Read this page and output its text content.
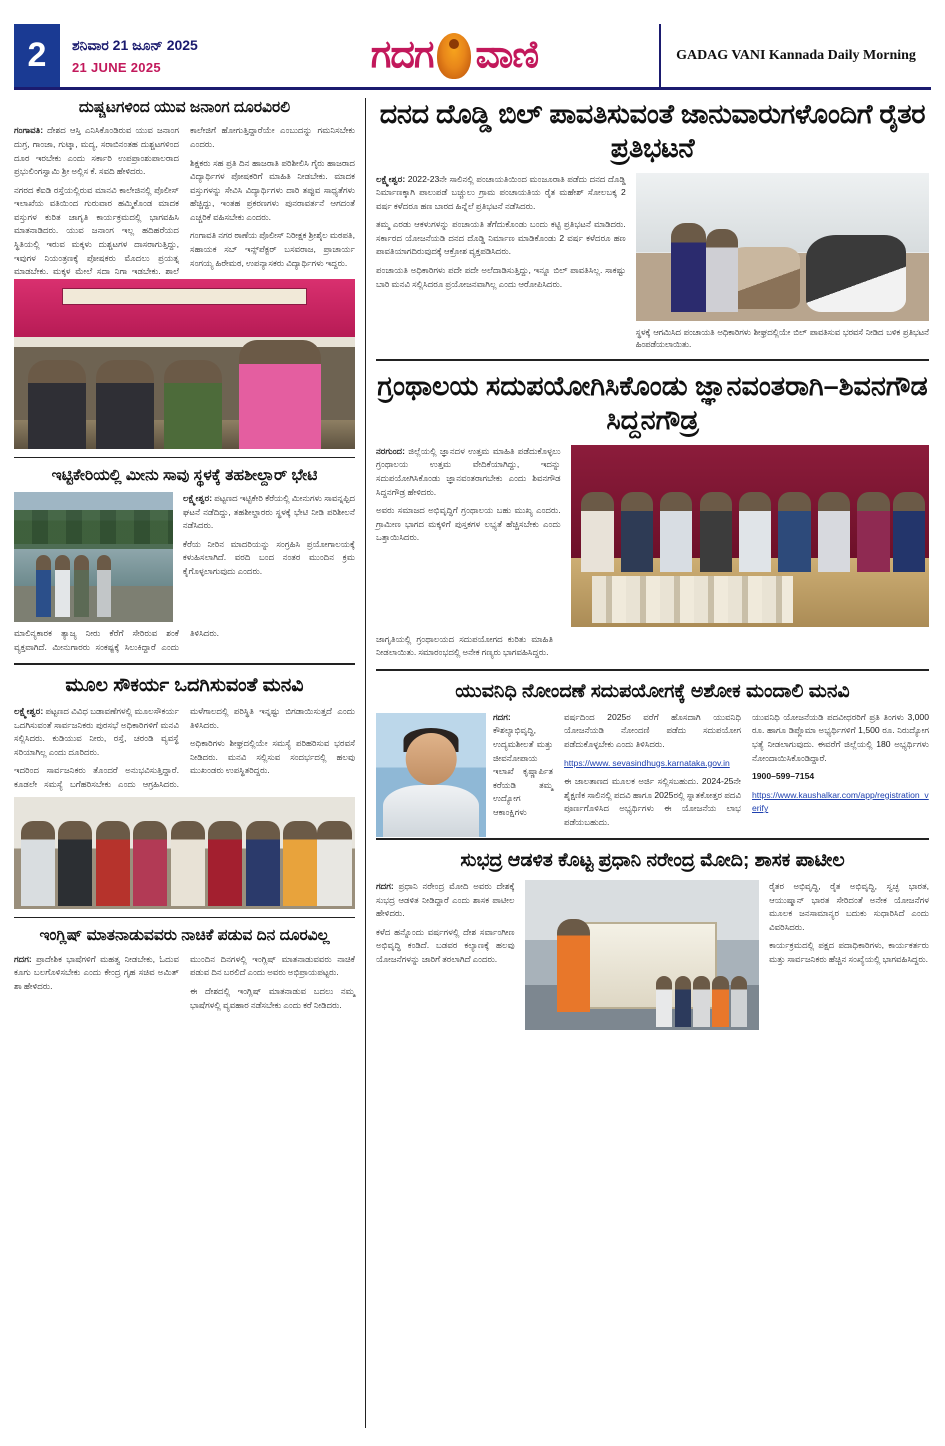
2	ಶನಿವಾರ 21 ಜೂನ್ 2025
21 JUNE 2025	ಗದಗ ವಾಣಿ	GADAG VANI Kannada Daily Morning
ದುಷ್ಚಟಗಳಿಂದ ಯುವ ಜನಾಂಗ ದೂರವಿರಲಿ

ಗಂಗಾವತಿ: ದೇಶದ ಆಸ್ತಿ ಎನಿಸಿಕೊಂಡಿರುವ ಯುವ ಜನಾಂಗ ದುಗ್ರ, ಗಾಂಜಾ, ಗುಟ್ಕಾ, ಮದ್ಯ, ಸರಾಬಿನಂತಹ ದುಶ್ಚಟಗಳಿಂದ ದೂರ ಇರಬೇಕು ಎಂದು ಸರ್ಕಾರಿ ಉಪಪ್ರಾಂಶುಪಾಲರಾದ ಪ್ರಭುಲಿಂಗಸ್ವಾಮಿ ಶ್ರೀ ಅಲ್ಲಿಸ ಕೆ. ಸವದಿ ಹೇಳಿದರು.

ನಗರದ ಕೆಐಡಿ ರಸ್ತೆಯಲ್ಲಿರುವ ಮಾನವಿ ಕಾಲೇಜಿನಲ್ಲಿ ಪೊಲೀಸ್ ಇಲಾಖೆಯ ವತಿಯಿಂದ ಗುರುವಾರ ಹಮ್ಮಿಕೊಂಡ ಮಾದಕ ವಸ್ತುಗಳ ಕುರಿತ ಜಾಗೃತಿ ಕಾರ್ಯಕ್ರಮದಲ್ಲಿ ಭಾಗವಹಿಸಿ ಮಾತನಾಡಿದರು. ಯುವ ಜನಾಂಗ ಇಲ್ಲ ಹದಿಹರೆಯದ ಸ್ಥಿತಿಯಲ್ಲಿ ಇರುವ ಮಕ್ಕಳು ದುಶ್ಚಟಗಳ ದಾಸರಾಗುತ್ತಿದ್ದು, ಇವುಗಳ ನಿಯಂತ್ರಣಕ್ಕೆ ಪೋಷಕರು ಮೊದಲು ಪ್ರಯತ್ನ ಮಾಡಬೇಕು. ಮಕ್ಕಳ ಮೇಲೆ ಸದಾ ನಿಗಾ ಇಡಬೇಕು. ಶಾಲೆ ಕಾಲೇಜಿಗೆ ಹೋಗುತ್ತಿದ್ದಾರೆಯೇ ಎಂಬುದನ್ನು ಗಮನಿಸಬೇಕು ಎಂದರು.

ಶಿಕ್ಷಕರು ಸಹ ಪ್ರತಿ ದಿನ ಹಾಜರಾತಿ ಪರಿಶೀಲಿಸಿ ಗೈರು ಹಾಜರಾದ ವಿದ್ಯಾರ್ಥಿಗಳ ಪೋಷಕರಿಗೆ ಮಾಹಿತಿ ನೀಡಬೇಕು. ಮಾದಕ ವಸ್ತುಗಳನ್ನು ಸೇವಿಸಿ ವಿದ್ಯಾರ್ಥಿಗಳು ದಾರಿ ತಪ್ಪುವ ಸಾಧ್ಯತೆಗಳು ಹೆಚ್ಚಿದ್ದು, ಇಂತಹ ಪ್ರಕರಣಗಳು ಪುನರಾವರ್ತನೆ ಆಗದಂತೆ ಎಚ್ಚರಿಕೆ ವಹಿಸಬೇಕು ಎಂದರು.

ಗಂಗಾವತಿ ನಗರ ಠಾಣೆಯ ಪೊಲೀಸ್ ನಿರೀಕ್ಷಕ ಶ್ರೀಶೈಲ ಮಠಪತಿ, ಸಹಾಯಕ ಸಬ್ ಇನ್ಸ್‌ಪೆಕ್ಟರ್ ಬಸವರಾಜ, ಪ್ರಾಚಾರ್ಯ ಸಂಗಯ್ಯ ಹಿರೇಮಠ, ಉಪನ್ಯಾಸಕರು ವಿದ್ಯಾರ್ಥಿಗಳು ಇದ್ದರು.

ಇಟ್ಟಿಕೇರಿಯಲ್ಲಿ ಮೀನು ಸಾವು ಸ್ಥಳಕ್ಕೆ ತಹಶೀಲ್ದಾರ್ ಭೇಟಿ

ಲಕ್ಷ್ಮೇಶ್ವರ: ಪಟ್ಟಣದ ಇಟ್ಟಿಕೇರಿ ಕೆರೆಯಲ್ಲಿ ಮೀನುಗಳು ಸಾವನ್ನಪ್ಪಿದ ಘಟನೆ ನಡೆದಿದ್ದು, ತಹಶೀಲ್ದಾರರು ಸ್ಥಳಕ್ಕೆ ಭೇಟಿ ನೀಡಿ ಪರಿಶೀಲನೆ ನಡೆಸಿದರು.

ಕೆರೆಯ ನೀರಿನ ಮಾದರಿಯನ್ನು ಸಂಗ್ರಹಿಸಿ ಪ್ರಯೋಗಾಲಯಕ್ಕೆ ಕಳುಹಿಸಲಾಗಿದೆ. ವರದಿ ಬಂದ ನಂತರ ಮುಂದಿನ ಕ್ರಮ ಕೈಗೊಳ್ಳಲಾಗುವುದು ಎಂದರು.

ಮಾಲಿನ್ಯಕಾರಕ ತ್ಯಾಜ್ಯ ನೀರು ಕೆರೆಗೆ ಸೇರಿರುವ ಶಂಕೆ ವ್ಯಕ್ತವಾಗಿದೆ. ಮೀನುಗಾರರು ಸಂಕಷ್ಟಕ್ಕೆ ಸಿಲುಕಿದ್ದಾರೆ ಎಂದು ತಿಳಿಸಿದರು.

ಮೂಲ ಸೌಕರ್ಯ ಒದಗಿಸುವಂತೆ ಮನವಿ

ಲಕ್ಷ್ಮೇಶ್ವರ: ಪಟ್ಟಣದ ವಿವಿಧ ಬಡಾವಣೆಗಳಲ್ಲಿ ಮೂಲಸೌಕರ್ಯ ಒದಗಿಸುವಂತೆ ಸಾರ್ವಜನಿಕರು ಪುರಸಭೆ ಅಧಿಕಾರಿಗಳಿಗೆ ಮನವಿ ಸಲ್ಲಿಸಿದರು. ಕುಡಿಯುವ ನೀರು, ರಸ್ತೆ, ಚರಂಡಿ ವ್ಯವಸ್ಥೆ ಸರಿಯಾಗಿಲ್ಲ ಎಂದು ದೂರಿದರು.

ಇದರಿಂದ ಸಾರ್ವಜನಿಕರು ತೊಂದರೆ ಅನುಭವಿಸುತ್ತಿದ್ದಾರೆ. ಕೂಡಲೇ ಸಮಸ್ಯೆ ಬಗೆಹರಿಸಬೇಕು ಎಂದು ಆಗ್ರಹಿಸಿದರು. ಮಳೆಗಾಲದಲ್ಲಿ ಪರಿಸ್ಥಿತಿ ಇನ್ನಷ್ಟು ಬಿಗಡಾಯಿಸುತ್ತದೆ ಎಂದು ತಿಳಿಸಿದರು.

ಅಧಿಕಾರಿಗಳು ಶೀಘ್ರದಲ್ಲಿಯೇ ಸಮಸ್ಯೆ ಪರಿಹರಿಸುವ ಭರವಸೆ ನೀಡಿದರು. ಮನವಿ ಸಲ್ಲಿಸುವ ಸಂದರ್ಭದಲ್ಲಿ ಹಲವು ಮುಖಂಡರು ಉಪಸ್ಥಿತರಿದ್ದರು.

ಇಂಗ್ಲಿಷ್ ಮಾತನಾಡುವವರು ನಾಚಿಕೆ ಪಡುವ ದಿನ ದೂರವಿಲ್ಲ

ಗದಗ: ಪ್ರಾದೇಶಿಕ ಭಾಷೆಗಳಿಗೆ ಮಹತ್ವ ನೀಡಬೇಕು, ಓದುವ ಕೂಗು ಬಲಗೊಳಿಸಬೇಕು ಎಂದು ಕೇಂದ್ರ ಗೃಹ ಸಚಿವ ಅಮಿತ್ ಶಾ ಹೇಳಿದರು.

ಮುಂದಿನ ದಿನಗಳಲ್ಲಿ ಇಂಗ್ಲಿಷ್ ಮಾತನಾಡುವವರು ನಾಚಿಕೆ ಪಡುವ ದಿನ ಬರಲಿದೆ ಎಂದು ಅವರು ಅಭಿಪ್ರಾಯಪಟ್ಟರು.

ಈ ದೇಶದಲ್ಲಿ ಇಂಗ್ಲಿಷ್ ಮಾತನಾಡುವ ಬದಲು ನಮ್ಮ ಭಾಷೆಗಳಲ್ಲಿ ವ್ಯವಹಾರ ನಡೆಸಬೇಕು ಎಂದು ಕರೆ ನೀಡಿದರು.

ದನದ ದೊಡ್ಡಿ ಬಿಲ್ ಪಾವತಿಸುವಂತೆ ಜಾನುವಾರುಗಳೊಂದಿಗೆ ರೈತರ ಪ್ರತಿಭಟನೆ

ಲಕ್ಷ್ಮೇಶ್ವರ: 2022-23ನೇ ಸಾಲಿನಲ್ಲಿ ಪಂಚಾಯತಿಯಿಂದ ಮಂಜೂರಾತಿ ಪಡೆದು ದನದ ದೊಡ್ಡಿ ನಿರ್ಮಾಣಕ್ಕಾಗಿ ಪಾಲುಪಡೆ ಬಚ್ಚುಲು ಗ್ರಾಮ ಪಂಚಾಯತಿಯ ರೈತ ಮಹೇಶ್ ಸೋಲಬಕ್ಕ 2 ವರ್ಷ ಕಳೆದರೂ ಹಣ ಬಾರದ ಹಿನ್ನೆಲೆ ಪ್ರತಿಭಟನೆ ನಡೆಸಿದರು.

ತಮ್ಮ ಎರಡು ಆಕಳುಗಳನ್ನು ಪಂಚಾಯತಿ ತೆಗೆದುಕೊಂಡು ಬಂದು ಕಟ್ಟಿ ಪ್ರತಿಭಟನೆ ಮಾಡಿದರು. ಸರ್ಕಾರದ ಯೋಜನೆಯಡಿ ದನದ ದೊಡ್ಡಿ ನಿರ್ಮಾಣ ಮಾಡಿಕೊಂಡು 2 ವರ್ಷ ಕಳೆದರೂ ಹಣ ಪಾವತಿಯಾಗದಿರುವುದಕ್ಕೆ ಆಕ್ರೋಶ ವ್ಯಕ್ತಪಡಿಸಿದರು.

ಪಂಚಾಯತಿ ಅಧಿಕಾರಿಗಳು ಪದೇ ಪದೇ ಅಲೆದಾಡಿಸುತ್ತಿದ್ದು, ಇನ್ನೂ ಬಿಲ್ ಪಾವತಿಸಿಲ್ಲ. ಸಾಕಷ್ಟು ಬಾರಿ ಮನವಿ ಸಲ್ಲಿಸಿದರೂ ಪ್ರಯೋಜನವಾಗಿಲ್ಲ ಎಂದು ಆರೋಪಿಸಿದರು.

ಸ್ಥಳಕ್ಕೆ ಆಗಮಿಸಿದ ಪಂಚಾಯತಿ ಅಧಿಕಾರಿಗಳು ಶೀಘ್ರದಲ್ಲಿಯೇ ಬಿಲ್ ಪಾವತಿಸುವ ಭರವಸೆ ನೀಡಿದ ಬಳಿಕ ಪ್ರತಿಭಟನೆ ಹಿಂಪಡೆಯಲಾಯಿತು.
ಗ್ರಂಥಾಲಯ ಸದುಪಯೋಗಿಸಿಕೊಂಡು ಜ್ಞಾನವಂತರಾಗಿ–ಶಿವನಗೌಡ ಸಿದ್ದನಗೌಡ್ರ

ನರಗುಂದ: ಜಿಲ್ಲೆಯಲ್ಲಿ ಜ್ಞಾನದಳ ಉತ್ತಮ ಮಾಹಿತಿ ಪಡೆದುಕೊಳ್ಳಲು ಗ್ರಂಥಾಲಯ ಉತ್ತಮ ವೇದಿಕೆಯಾಗಿದ್ದು, ಇದನ್ನು ಸದುಪಯೋಗಿಸಿಕೊಂಡು ಜ್ಞಾನವಂತರಾಗಬೇಕು ಎಂದು ಶಿವನಗೌಡ ಸಿದ್ದನಗೌಡ್ರ ಹೇಳಿದರು.

ಅವರು ಸಮಾಜದ ಅಭಿವೃದ್ಧಿಗೆ ಗ್ರಂಥಾಲಯ ಬಹು ಮುಖ್ಯ ಎಂದರು. ಗ್ರಾಮೀಣ ಭಾಗದ ಮಕ್ಕಳಿಗೆ ಪುಸ್ತಕಗಳ ಲಭ್ಯತೆ ಹೆಚ್ಚಿಸಬೇಕು ಎಂದು ಒತ್ತಾಯಿಸಿದರು.

ಜಾಗೃತಿಯಲ್ಲಿ ಗ್ರಂಥಾಲಯದ ಸದುಪಯೋಗದ ಕುರಿತು ಮಾಹಿತಿ ನೀಡಲಾಯಿತು. ಸಮಾರಂಭದಲ್ಲಿ ಅನೇಕ ಗಣ್ಯರು ಭಾಗವಹಿಸಿದ್ದರು.

ಯುವನಿಧಿ ನೋಂದಣೆ ಸದುಪಯೋಗಕ್ಕೆ ಅಶೋಕ ಮಂದಾಲಿ ಮನವಿ

ಗದಗ: ಕೌಶಲ್ಯಾಭಿವೃದ್ಧಿ, ಉದ್ಯಮಶೀಲತೆ ಮತ್ತು ಜೀವನೋಪಾಯ ಇಲಾಖೆ ಕೃಷ್ಣಾರ್ಪಿತ ಕರೆಯಡಿ ತಮ್ಮ ಉದ್ಯೋಗ ಆಕಾಂಕ್ಷಿಗಳು ವರ್ಷದಿಂದ 2025ರ ವರೆಗೆ ಹೊಸದಾಗಿ ಯುವನಿಧಿ ಯೋಜನೆಯಡಿ ನೋಂದಣಿ ಪಡೆದು ಸದುಪಯೋಗ ಪಡೆದುಕೊಳ್ಳಬೇಕು ಎಂದು ತಿಳಿಸಿದರು.

https://www. sevasindhugs.karnataka.gov.in

ಈ ಜಾಲತಾಣದ ಮೂಲಕ ಅರ್ಜಿ ಸಲ್ಲಿಸಬಹುದು. 2024-25ನೇ ಶೈಕ್ಷಣಿಕ ಸಾಲಿನಲ್ಲಿ ಪದವಿ ಹಾಗೂ 2025ರಲ್ಲಿ ಸ್ನಾತಕೋತ್ತರ ಪದವಿ ಪೂರ್ಣಗೊಳಿಸಿದ ಅಭ್ಯರ್ಥಿಗಳು ಈ ಯೋಜನೆಯ ಲಾಭ ಪಡೆಯಬಹುದು.

ಯುವನಿಧಿ ಯೋಜನೆಯಡಿ ಪದವೀಧರರಿಗೆ ಪ್ರತಿ ತಿಂಗಳು 3,000 ರೂ. ಹಾಗೂ ಡಿಪ್ಲೊಮಾ ಅಭ್ಯರ್ಥಿಗಳಿಗೆ 1,500 ರೂ. ನಿರುದ್ಯೋಗ ಭತ್ಯೆ ನೀಡಲಾಗುವುದು. ಈವರೆಗೆ ಜಿಲ್ಲೆಯಲ್ಲಿ 180 ಅಭ್ಯರ್ಥಿಗಳು ನೋಂದಾಯಿಸಿಕೊಂಡಿದ್ದಾರೆ.

1900–599–7154

https://www.kaushalkar.com/app/registration_verify

ಸುಭದ್ರ ಆಡಳಿತ ಕೊಟ್ಟ ಪ್ರಧಾನಿ ನರೇಂದ್ರ ಮೋದಿ; ಶಾಸಕ ಪಾಟೀಲ

ಗದಗ: ಪ್ರಧಾನಿ ನರೇಂದ್ರ ಮೋದಿ ಅವರು ದೇಶಕ್ಕೆ ಸುಭದ್ರ ಆಡಳಿತ ನೀಡಿದ್ದಾರೆ ಎಂದು ಶಾಸಕ ಪಾಟೀಲ ಹೇಳಿದರು.

ಕಳೆದ ಹನ್ನೊಂದು ವರ್ಷಗಳಲ್ಲಿ ದೇಶ ಸರ್ವಾಂಗೀಣ ಅಭಿವೃದ್ಧಿ ಕಂಡಿದೆ. ಬಡವರ ಕಲ್ಯಾಣಕ್ಕೆ ಹಲವು ಯೋಜನೆಗಳನ್ನು ಜಾರಿಗೆ ತರಲಾಗಿದೆ ಎಂದರು.

ರೈತರ ಅಭಿವೃದ್ಧಿ, ರೈತ ಅಭಿವೃದ್ಧಿ, ಸ್ವಚ್ಛ ಭಾರತ, ಆಯುಷ್ಮಾನ್ ಭಾರತ ಸೇರಿದಂತೆ ಅನೇಕ ಯೋಜನೆಗಳ ಮೂಲಕ ಜನಸಾಮಾನ್ಯರ ಬದುಕು ಸುಧಾರಿಸಿದೆ ಎಂದು ವಿವರಿಸಿದರು.

ಕಾರ್ಯಕ್ರಮದಲ್ಲಿ ಪಕ್ಷದ ಪದಾಧಿಕಾರಿಗಳು, ಕಾರ್ಯಕರ್ತರು ಮತ್ತು ಸಾರ್ವಜನಿಕರು ಹೆಚ್ಚಿನ ಸಂಖ್ಯೆಯಲ್ಲಿ ಭಾಗವಹಿಸಿದ್ದರು.
